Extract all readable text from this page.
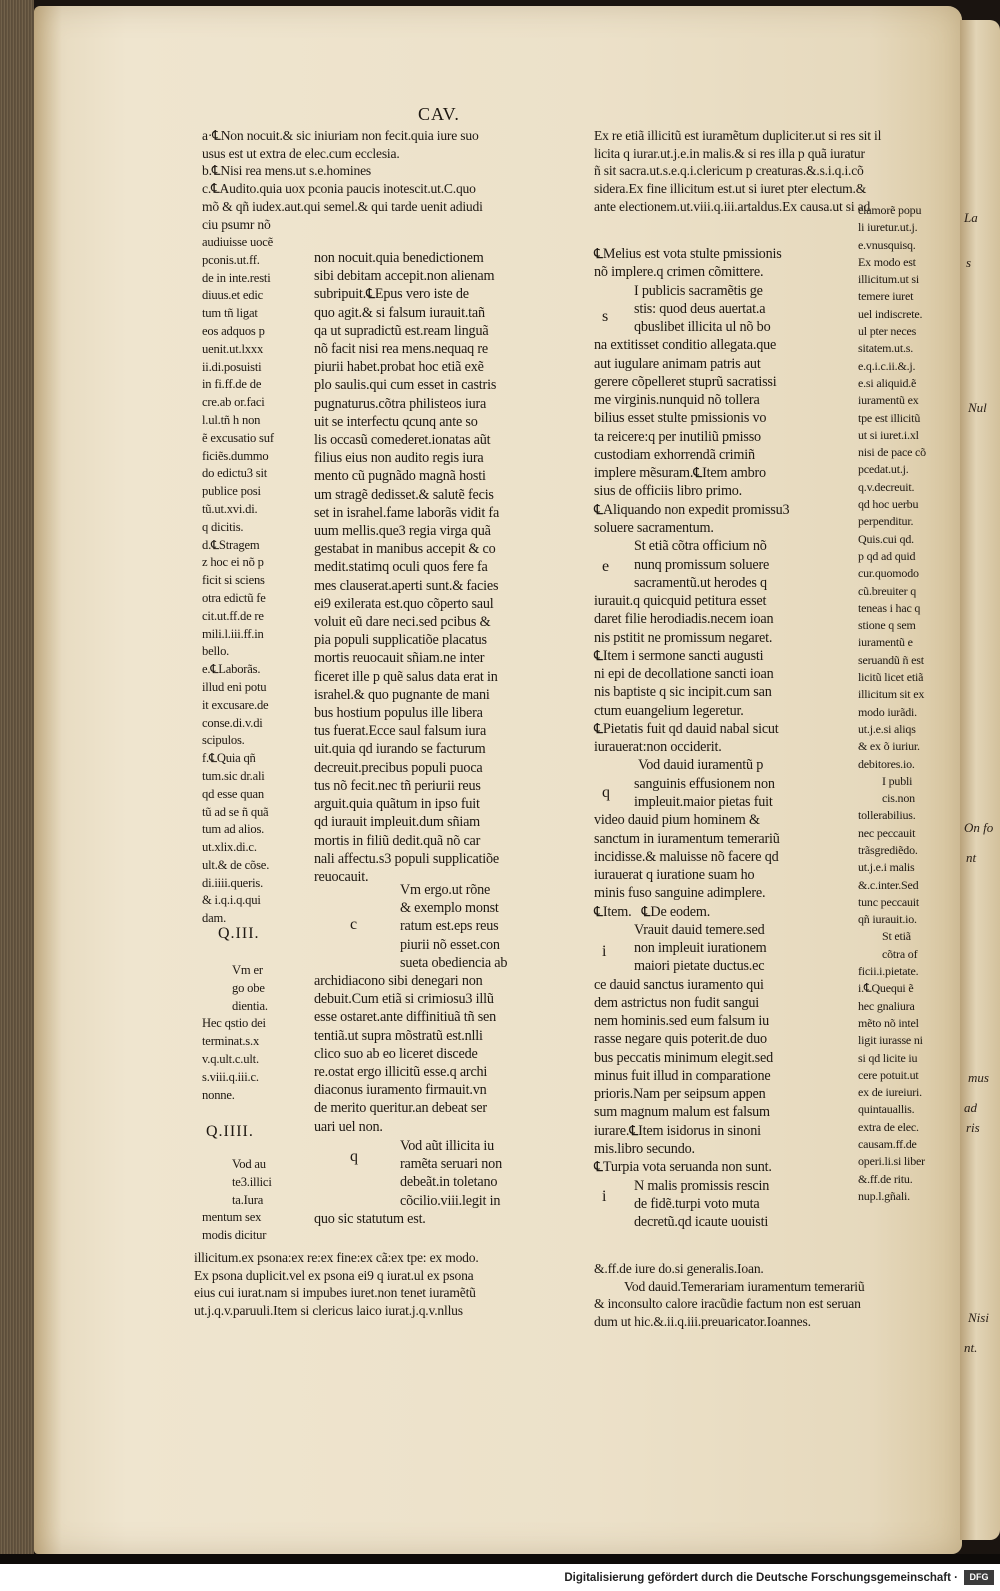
La
s
Nul
On fo
nt
mus
ad
ris
Nisi
nt.
CAV.
a·℄Non nocuit.& sic iniuriam non fecit.quia iure suo
usus est ut extra de elec.cum ecclesia.
b.℄Nisi rea mens.ut s.e.homines
c.℄Audito.quia uox pconia paucis inotescit.ut.C.quo
mõ & qñ iudex.aut.qui semel.& qui tarde uenit adiudi
ciu psumr nõ
audiuisse uocẽ
pconis.ut.ff.
de in inte.resti
diuus.et edic
tum tñ ligat
eos adquos p
uenit.ut.lxxx
ii.di.posuisti
in fi.ff.de de
cre.ab or.faci
l.ul.tñ h non
ẽ excusatio suf
ficiẽs.dummo
do edictu3 sit
publice posi
tũ.ut.xvi.di.
q dicitis.
d.℄Stragem
z hoc ei nõ p
ficit si sciens
otra edictũ fe
cit.ut.ff.de re
mili.l.iii.ff.in
bello.
e.℄Laborãs.
illud eni potu
it excusare.de
conse.di.v.di
scipulos.
f.℄Quia qñ
tum.sic dr.ali
qd esse quan
tũ ad se ñ quã
tum ad alios.
ut.xlix.di.c.
ult.& de cõse.
di.iiii.queris.
& i.q.i.q.qui
dam.
Q.III.
Vm er
go obe
dientia.
Hec qstio dei
terminat.s.x
v.q.ult.c.ult.
s.viii.q.iii.c.
nonne.
Q.IIII.
Vod au
te3.illici
ta.Iura
mentum sex
modis dicitur
non nocuit.quia benedictionem
sibi debitam accepit.non alienam
subripuit.℄Epus vero iste de
quo agit.& si falsum iurauit.tañ
qa ut supradictũ est.ream linguã
nõ facit nisi rea mens.nequaq re
piurii habet.probat hoc etiã exẽ
plo saulis.qui cum esset in castris
pugnaturus.cõtra philisteos iura
uit se interfectu qcunq ante so
lis occasũ comederet.ionatas aũt
filius eius non audito regis iura
mento cũ pugnãdo magnã hosti
um stragẽ dedisset.& salutẽ fecis
set in israhel.fame laborãs vidit fa
uum mellis.que3 regia virga quã
gestabat in manibus accepit & co
medit.statimq oculi quos fere fa
mes clauserat.aperti sunt.& facies
ei9 exilerata est.quo cõperto saul
voluit eũ dare neci.sed pcibus &
pia populi supplicatiõe placatus
mortis reuocauit sñiam.ne inter
ficeret ille p quẽ salus data erat in
israhel.& quo pugnante de mani
bus hostium populus ille libera
tus fuerat.Ecce saul falsum iura
uit.quia qd iurando se facturum
decreuit.precibus populi puoca
tus nõ fecit.nec tñ periurii reus
arguit.quia quãtum in ipso fuit
qd iurauit impleuit.dum sñiam
mortis in filiũ dedit.quã nõ car
nali affectu.s3 populi supplicatiõe
reuocauit.
c
Vm ergo.ut rõne
& exemplo monst
ratum est.eps reus
piurii nõ esset.con
sueta obediencia ab
archidiacono sibi denegari non
debuit.Cum etiã si crimiosu3 illũ
esse ostaret.ante diffinitiuã tñ sen
tentiã.ut supra mõstratũ est.nlli
clico suo ab eo liceret discede
re.ostat ergo illicitũ esse.q archi
diaconus iuramento firmauit.vn
de merito queritur.an debeat ser
uari uel non.
q
Vod aũt illicita iu
ramẽta seruari non
debeãt.in toletano
cõcilio.viii.legit in
quo sic statutum est.
Ex re etiã illicitũ est iuramẽtum dupliciter.ut si res sit il
licita q iurar.ut.j.e.in malis.& si res illa p quã iuratur
ñ sit sacra.ut.s.e.q.i.clericum p creaturas.&.s.i.q.i.cõ
sidera.Ex fine illicitum est.ut si iuret pter electum.&
ante electionem.ut.viii.q.iii.artaldus.Ex causa.ut si ad
℄Melius est vota stulte pmissionis
nõ implere.q crimen cõmittere.
I publicis sacramẽtis ge
stis: quod deus auertat.a
qbuslibet illicita ul nõ bo
na extitisset conditio allegata.que
aut iugulare animam patris aut
gerere cõpelleret stuprũ sacratissi
me virginis.nunquid nõ tollera
bilius esset stulte pmissionis vo
ta reicere:q per inutiliũ pmisso
custodiam exhorrendã crimiñ
implere mẽsuram.℄Item ambro
sius de officiis libro primo.
℄Aliquando non expedit promissu3
soluere sacramentum.
St etiã cõtra officium nõ
nunq promissum soluere
sacramentũ.ut herodes q
iurauit.q quicquid petitura esset
daret filie herodiadis.necem ioan
nis pstitit ne promissum negaret.
℄Item i sermone sancti augusti
ni epi de decollatione sancti ioan
nis baptiste q sic incipit.cum san
ctum euangelium legeretur.
℄Pietatis fuit qd dauid nabal sicut
iurauerat:non occiderit.
Vod dauid iuramentũ p
sanguinis effusionem non
impleuit.maior pietas fuit
video dauid pium hominem &
sanctum in iuramentum temerariũ
incidisse.& maluisse nõ facere qd
iurauerat q iuratione suam ho
minis fuso sanguine adimplere.
℄Item.   ℄De eodem.
Vrauit dauid temere.sed
non impleuit iurationem
maiori pietate ductus.ec
ce dauid sanctus iuramento qui
dem astrictus non fudit sangui
nem hominis.sed eum falsum iu
rasse negare quis poterit.de duo
bus peccatis minimum elegit.sed
minus fuit illud in comparatione
prioris.Nam per seipsum appen
sum magnum malum est falsum
iurare.℄Item isidorus in sinoni
mis.libro secundo.
℄Turpia vota seruanda non sunt.
N malis promissis rescin
de fidẽ.turpi voto muta
decretũ.qd icaute uouisti
clamorẽ popu
li iuretur.ut.j.
e.vnusquisq.
Ex modo est
illicitum.ut si
temere iuret
uel indiscrete.
ul pter neces
sitatem.ut.s.
e.q.i.c.ii.&.j.
e.si aliquid.ẽ
iuramentũ ex
tpe est illicitũ
ut si iuret.i.xl
nisi de pace cõ
pcedat.ut.j.
q.v.decreuit.
qd hoc uerbu
perpenditur.
Quis.cui qd.
p qd ad quid
cur.quomodo
cũ.breuiter q
teneas i hac q
stione q sem
iuramentũ e
seruandũ ñ est
licitũ licet etiã
illicitum sit ex
modo iurãdi.
ut.j.e.si aliqs
& ex õ iuriur.
debitores.io.
I publi
cis.non
tollerabilius.
nec peccauit
trãsgrediẽdo.
ut.j.e.i malis
&.c.inter.Sed
tunc peccauit
qñ iurauit.io.
St etiã
cõtra of
ficii.i.pietate.
i.℄Quequi ẽ
hec gnaliura
mẽto nõ intel
ligit iurasse ni
si qd licite iu
cere potuit.ut
ex de iureiuri.
quintauallis.
extra de elec.
causam.ff.de
operi.li.si liber
&.ff.de ritu.
nup.l.gñali.
illicitum.ex psona:ex re:ex fine:ex cã:ex tpe: ex modo.
Ex psona duplicit.vel ex psona ei9 q iurat.ul ex psona
eius cui iurat.nam si impubes iuret.non tenet iuramẽtũ
ut.j.q.v.paruuli.Item si clericus laico iurat.j.q.v.nllus
&.ff.de iure do.si generalis.Ioan.
Vod dauid.Temerariam iuramentum temerariũ
& inconsulto calore iracũdie factum non est seruan
dum ut hic.&.ii.q.iii.preuaricator.Ioannes.
Digitalisierung gefördert durch die Deutsche Forschungsgemeinschaft ·	DFG
s
e
q
i
i
